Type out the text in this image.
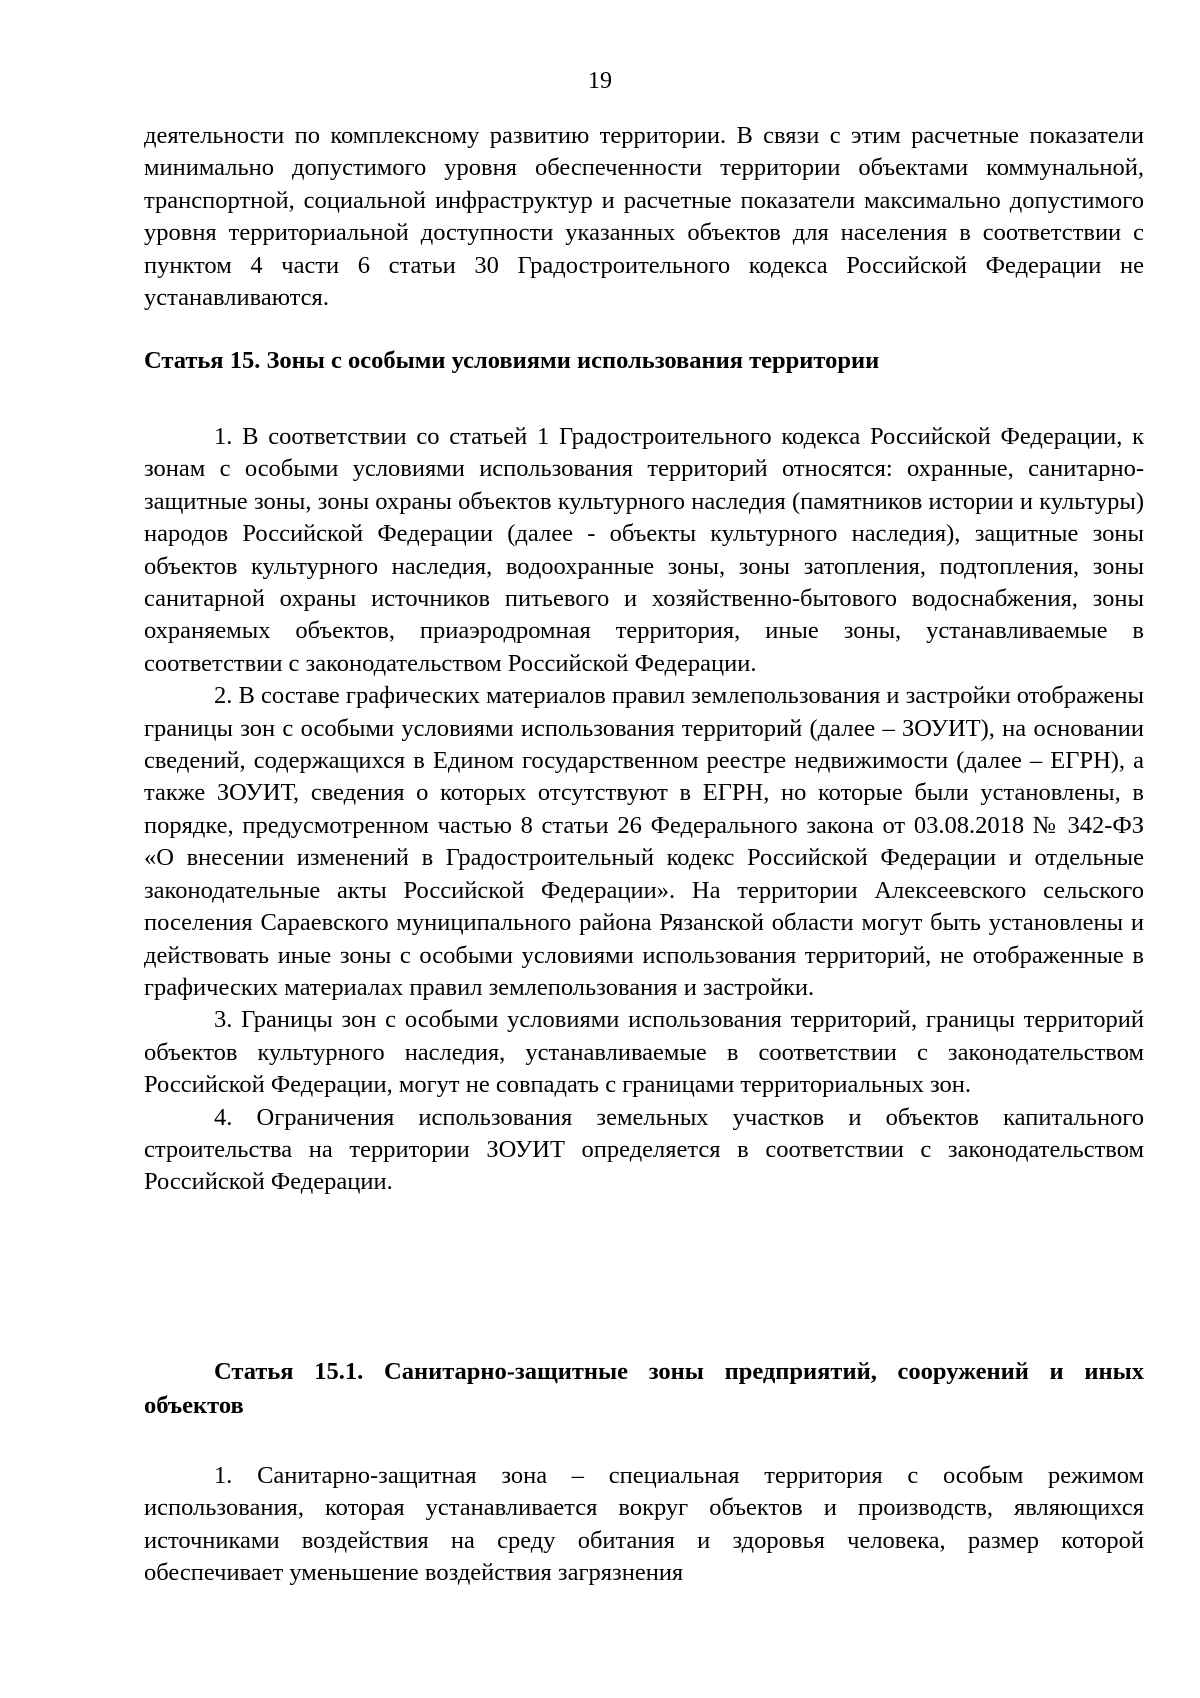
19

деятельности по комплексному развитию территории. В связи с этим расчетные показатели минимально допустимого уровня обеспеченности территории объектами коммунальной, транспортной, социальной инфраструктур и расчетные показатели максимально допустимого уровня территориальной доступности указанных объектов для населения в соответствии с пунктом 4 части 6 статьи 30 Градостроительного кодекса Российской Федерации не устанавливаются.

Статья 15. Зоны с особыми условиями использования территории

1. В соответствии со статьей 1 Градостроительного кодекса Российской Федерации, к зонам с особыми условиями использования территорий относятся: охранные, санитарно-защитные зоны, зоны охраны объектов культурного наследия (памятников истории и культуры) народов Российской Федерации (далее - объекты культурного наследия), защитные зоны объектов культурного наследия, водоохранные зоны, зоны затопления, подтопления, зоны санитарной охраны источников питьевого и хозяйственно-бытового водоснабжения, зоны охраняемых объектов, приаэродромная территория, иные зоны, устанавливаемые в соответствии с законодательством Российской Федерации.

2. В составе графических материалов правил землепользования и застройки отображены границы зон с особыми условиями использования территорий (далее – ЗОУИТ), на основании сведений, содержащихся в Едином государственном реестре недвижимости (далее – ЕГРН), а также ЗОУИТ, сведения о которых отсутствуют в ЕГРН, но которые были установлены, в порядке, предусмотренном частью 8 статьи 26 Федерального закона от 03.08.2018 № 342-ФЗ «О внесении изменений в Градостроительный кодекс Российской Федерации и отдельные законодательные акты Российской Федерации». На территории Алексеевского сельского поселения Сараевского муниципального района Рязанской области могут быть установлены и действовать иные зоны с особыми условиями использования территорий, не отображенные в графических материалах правил землепользования и застройки.

3. Границы зон с особыми условиями использования территорий, границы территорий объектов культурного наследия, устанавливаемые в соответствии с законодательством Российской Федерации, могут не совпадать с границами территориальных зон.

4. Ограничения использования земельных участков и объектов капитального строительства на территории ЗОУИТ определяется в соответствии с законодательством Российской Федерации.

Статья 15.1. Санитарно-защитные зоны предприятий, сооружений и иных объектов

1. Санитарно-защитная зона – специальная территория с особым режимом использования, которая устанавливается вокруг объектов и производств, являющихся источниками воздействия на среду обитания и здоровья человека, размер которой обеспечивает уменьшение воздействия загрязнения
